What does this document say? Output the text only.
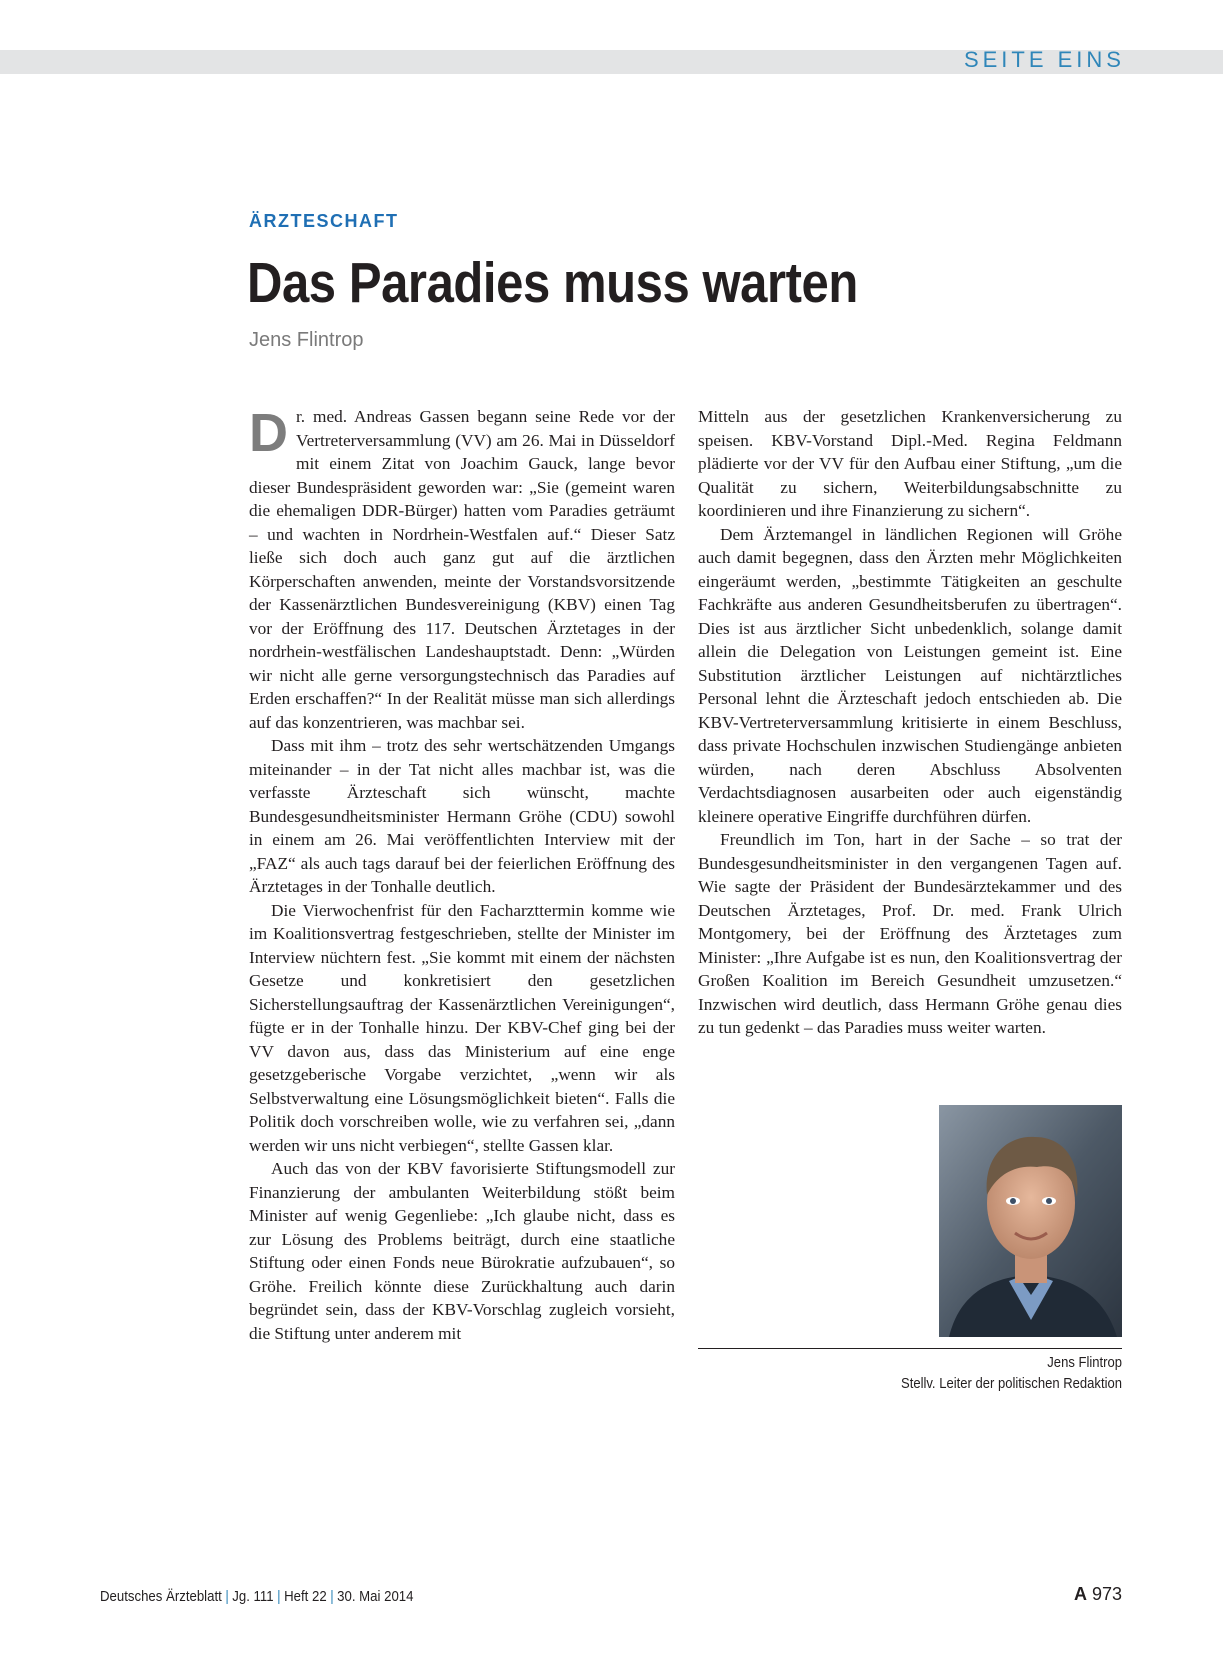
SEITE EINS
ÄRZTESCHAFT
Das Paradies muss warten
Jens Flintrop

Dr. med. Andreas Gassen begann seine Rede vor der Vertreterversammlung (VV) am 26. Mai in Düsseldorf mit einem Zitat von Joachim Gauck, lange bevor dieser Bundespräsident geworden war: „Sie (gemeint waren die ehemaligen DDR-Bürger) hatten vom Paradies geträumt – und wachten in Nordrhein-Westfalen auf.“ Dieser Satz ließe sich doch auch ganz gut auf die ärztlichen Körperschaften anwenden, meinte der Vorstandsvorsitzende der Kassenärztlichen Bundesvereinigung (KBV) einen Tag vor der Eröffnung des 117. Deutschen Ärztetages in der nordrhein-westfälischen Landeshauptstadt. Denn: „Würden wir nicht alle gerne versorgungstechnisch das Paradies auf Erden erschaffen?“ In der Realität müsse man sich allerdings auf das konzentrieren, was machbar sei.

Dass mit ihm – trotz des sehr wertschätzenden Umgangs miteinander – in der Tat nicht alles machbar ist, was die verfasste Ärzteschaft sich wünscht, machte Bundesgesundheitsminister Hermann Gröhe (CDU) sowohl in einem am 26. Mai veröffentlichten Interview mit der „FAZ“ als auch tags darauf bei der feierlichen Eröffnung des Ärztetages in der Tonhalle deutlich.

Die Vierwochenfrist für den Facharzttermin komme wie im Koalitionsvertrag festgeschrieben, stellte der Minister im Interview nüchtern fest. „Sie kommt mit einem der nächsten Gesetze und konkretisiert den gesetzlichen Sicherstellungsauftrag der Kassenärztlichen Vereinigungen“, fügte er in der Tonhalle hinzu. Der KBV-Chef ging bei der VV davon aus, dass das Ministerium auf eine enge gesetzgeberische Vorgabe verzichtet, „wenn wir als Selbstverwaltung eine Lösungsmöglichkeit bieten“. Falls die Politik doch vorschreiben wolle, wie zu verfahren sei, „dann werden wir uns nicht verbiegen“, stellte Gassen klar.

Auch das von der KBV favorisierte Stiftungsmodell zur Finanzierung der ambulanten Weiterbildung stößt beim Minister auf wenig Gegenliebe: „Ich glaube nicht, dass es zur Lösung des Problems beiträgt, durch eine staatliche Stiftung oder einen Fonds neue Bürokratie aufzubauen“, so Gröhe. Freilich könnte diese Zurückhaltung auch darin begründet sein, dass der KBV-Vorschlag zugleich vorsieht, die Stiftung unter anderem mit

Mitteln aus der gesetzlichen Krankenversicherung zu speisen. KBV-Vorstand Dipl.-Med. Regina Feldmann plädierte vor der VV für den Aufbau einer Stiftung, „um die Qualität zu sichern, Weiterbildungsabschnitte zu koordinieren und ihre Finanzierung zu sichern“.

Dem Ärztemangel in ländlichen Regionen will Gröhe auch damit begegnen, dass den Ärzten mehr Möglichkeiten eingeräumt werden, „bestimmte Tätigkeiten an geschulte Fachkräfte aus anderen Gesundheitsberufen zu übertragen“. Dies ist aus ärztlicher Sicht unbedenklich, solange damit allein die Delegation von Leistungen gemeint ist. Eine Substitution ärztlicher Leistungen auf nichtärztliches Personal lehnt die Ärzteschaft jedoch entschieden ab. Die KBV-Vertreterversammlung kritisierte in einem Beschluss, dass private Hochschulen inzwischen Studiengänge anbieten würden, nach deren Abschluss Absolventen Verdachtsdiagnosen ausarbeiten oder auch eigenständig kleinere operative Eingriffe durchführen dürfen.

Freundlich im Ton, hart in der Sache – so trat der Bundesgesundheitsminister in den vergangenen Tagen auf. Wie sagte der Präsident der Bundesärztekammer und des Deutschen Ärztetages, Prof. Dr. med. Frank Ulrich Montgomery, bei der Eröffnung des Ärztetages zum Minister: „Ihre Aufgabe ist es nun, den Koalitionsvertrag der Großen Koalition im Bereich Gesundheit umzusetzen.“ Inzwischen wird deutlich, dass Hermann Gröhe genau dies zu tun gedenkt – das Paradies muss weiter warten.

Jens Flintrop
Stellv. Leiter der politischen Redaktion
Deutsches Ärzteblatt | Jg. 111 | Heft 22 | 30. Mai 2014	A 973
